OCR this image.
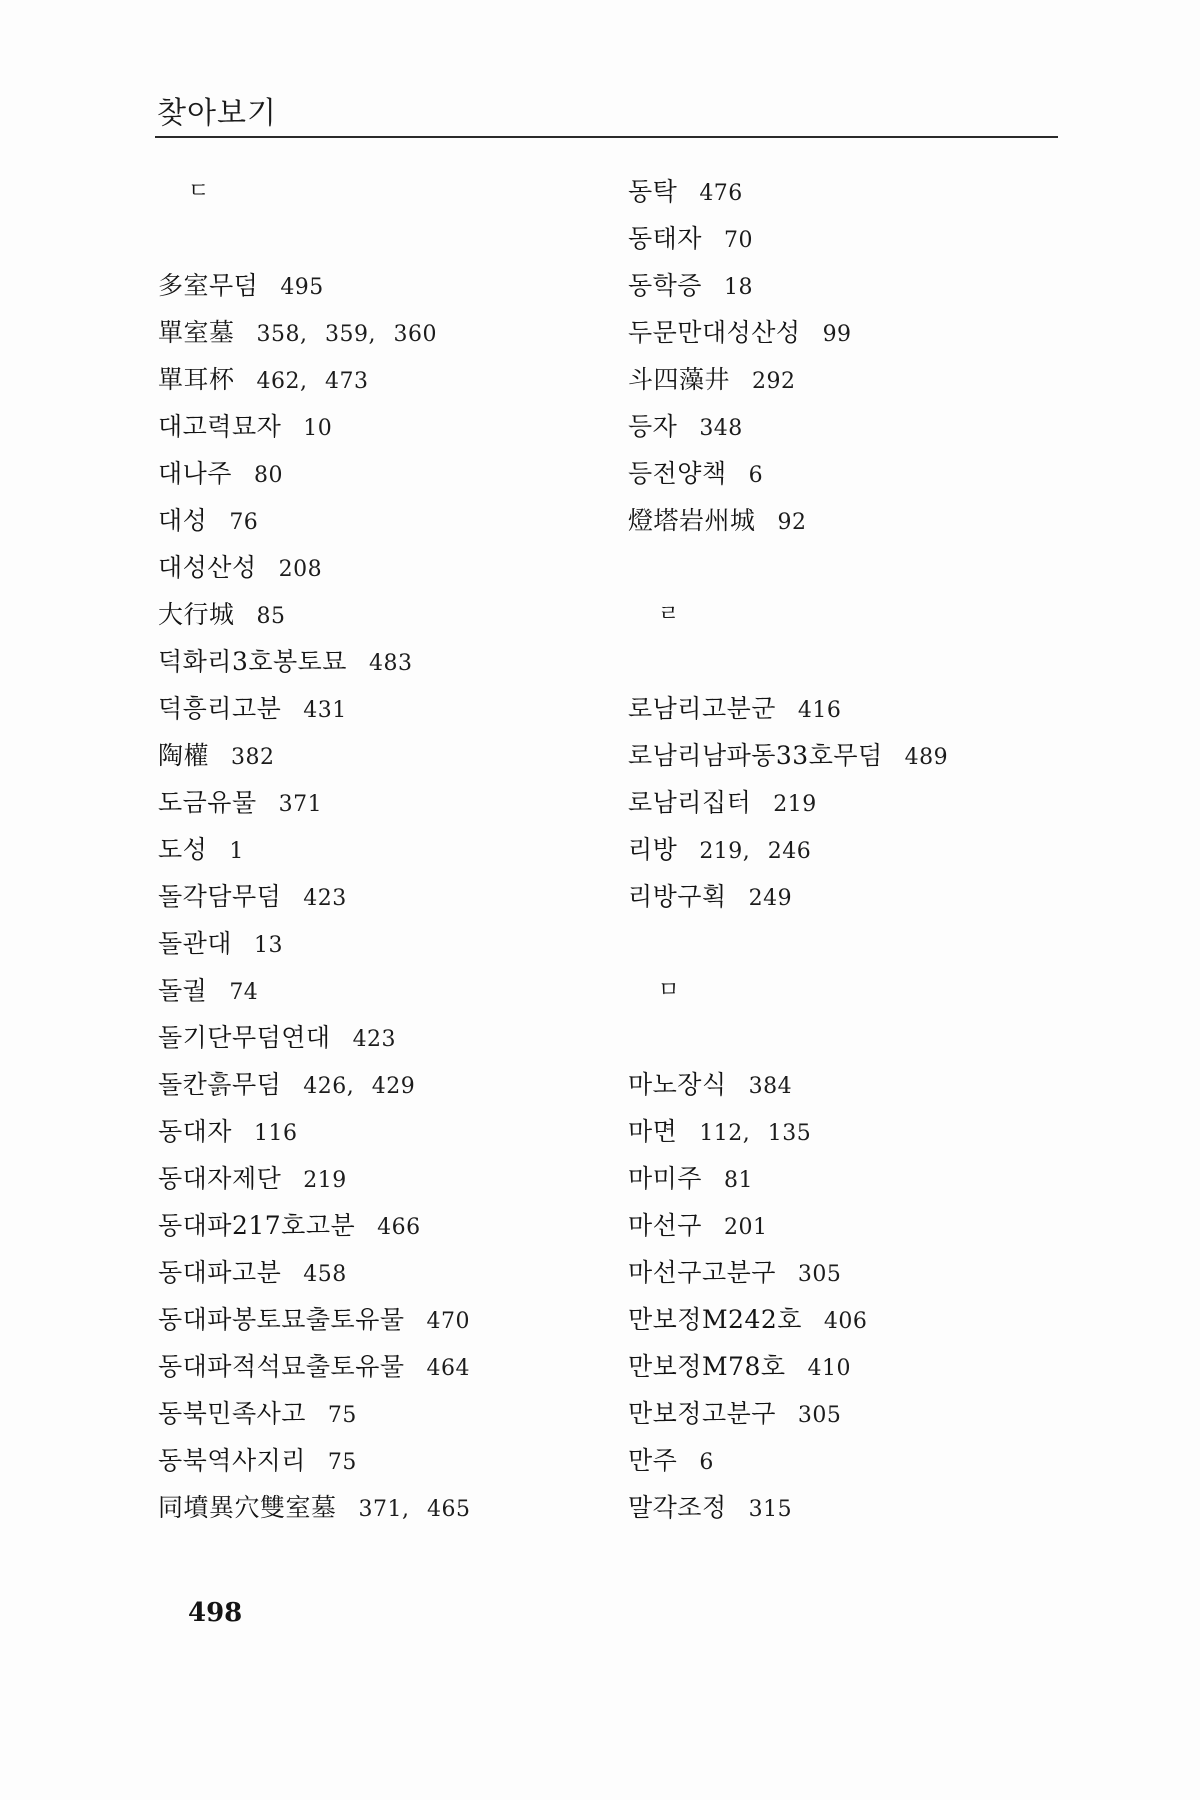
찾아보기
ㄷ
多室무덤 495
單室墓 358, 359, 360
單耳杯 462, 473
대고력묘자 10
대나주 80
대성 76
대성산성 208
大行城 85
덕화리3호봉토묘 483
덕흥리고분 431
陶權 382
도금유물 371
도성 1
돌각담무덤 423
돌관대 13
돌궐 74
돌기단무덤연대 423
돌칸흙무덤 426, 429
동대자 116
동대자제단 219
동대파217호고분 466
동대파고분 458
동대파봉토묘출토유물 470
동대파적석묘출토유물 464
동북민족사고 75
동북역사지리 75
同墳異穴雙室墓 371, 465
동탁 476
동태자 70
동학증 18
두문만대성산성 99
斗四藻井 292
등자 348
등전양책 6
燈塔岩州城 92
ㄹ
로남리고분군 416
로남리남파동33호무덤 489
로남리집터 219
리방 219, 246
리방구획 249
ㅁ
마노장식 384
마면 112, 135
마미주 81
마선구 201
마선구고분구 305
만보정M242호 406
만보정M78호 410
만보정고분구 305
만주 6
말각조정 315
498
